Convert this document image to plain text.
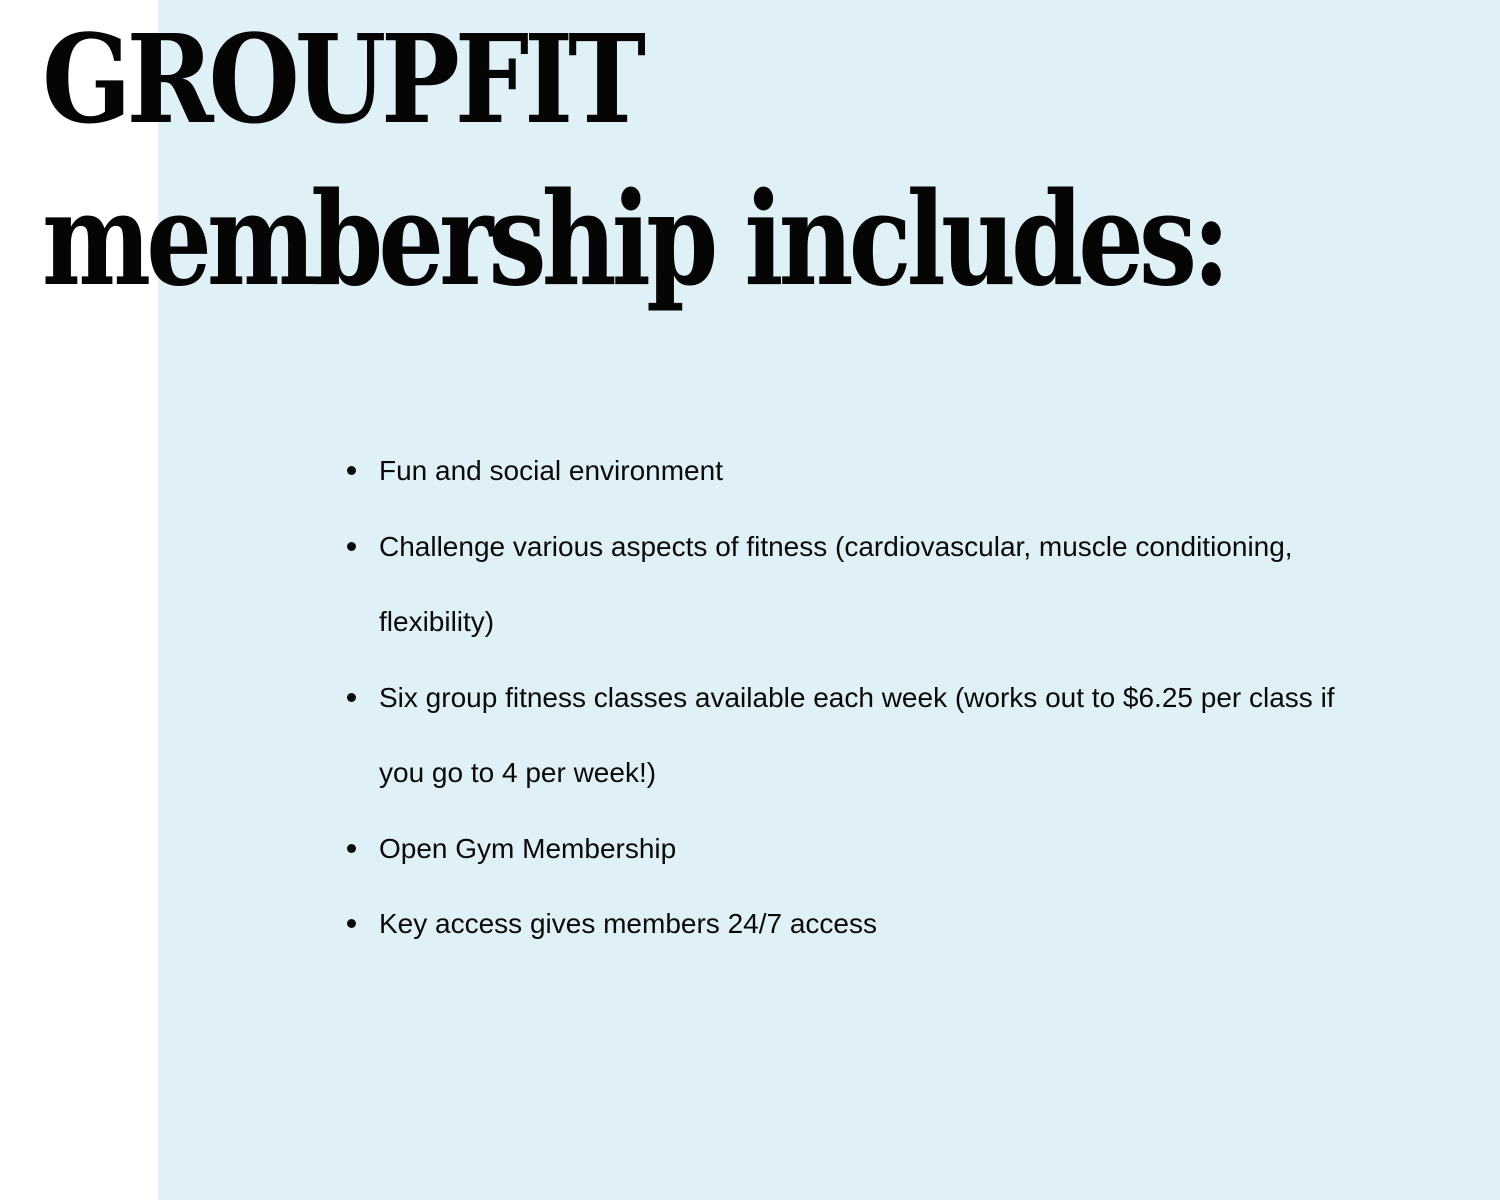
GROUPFIT
membership includes:
Fun and social environment
Challenge various aspects of fitness (cardiovascular, muscle conditioning, flexibility)
Six group fitness classes available each week (works out to $6.25 per class if you go to 4 per week!)
Open Gym Membership
Key access gives members 24/7 access
